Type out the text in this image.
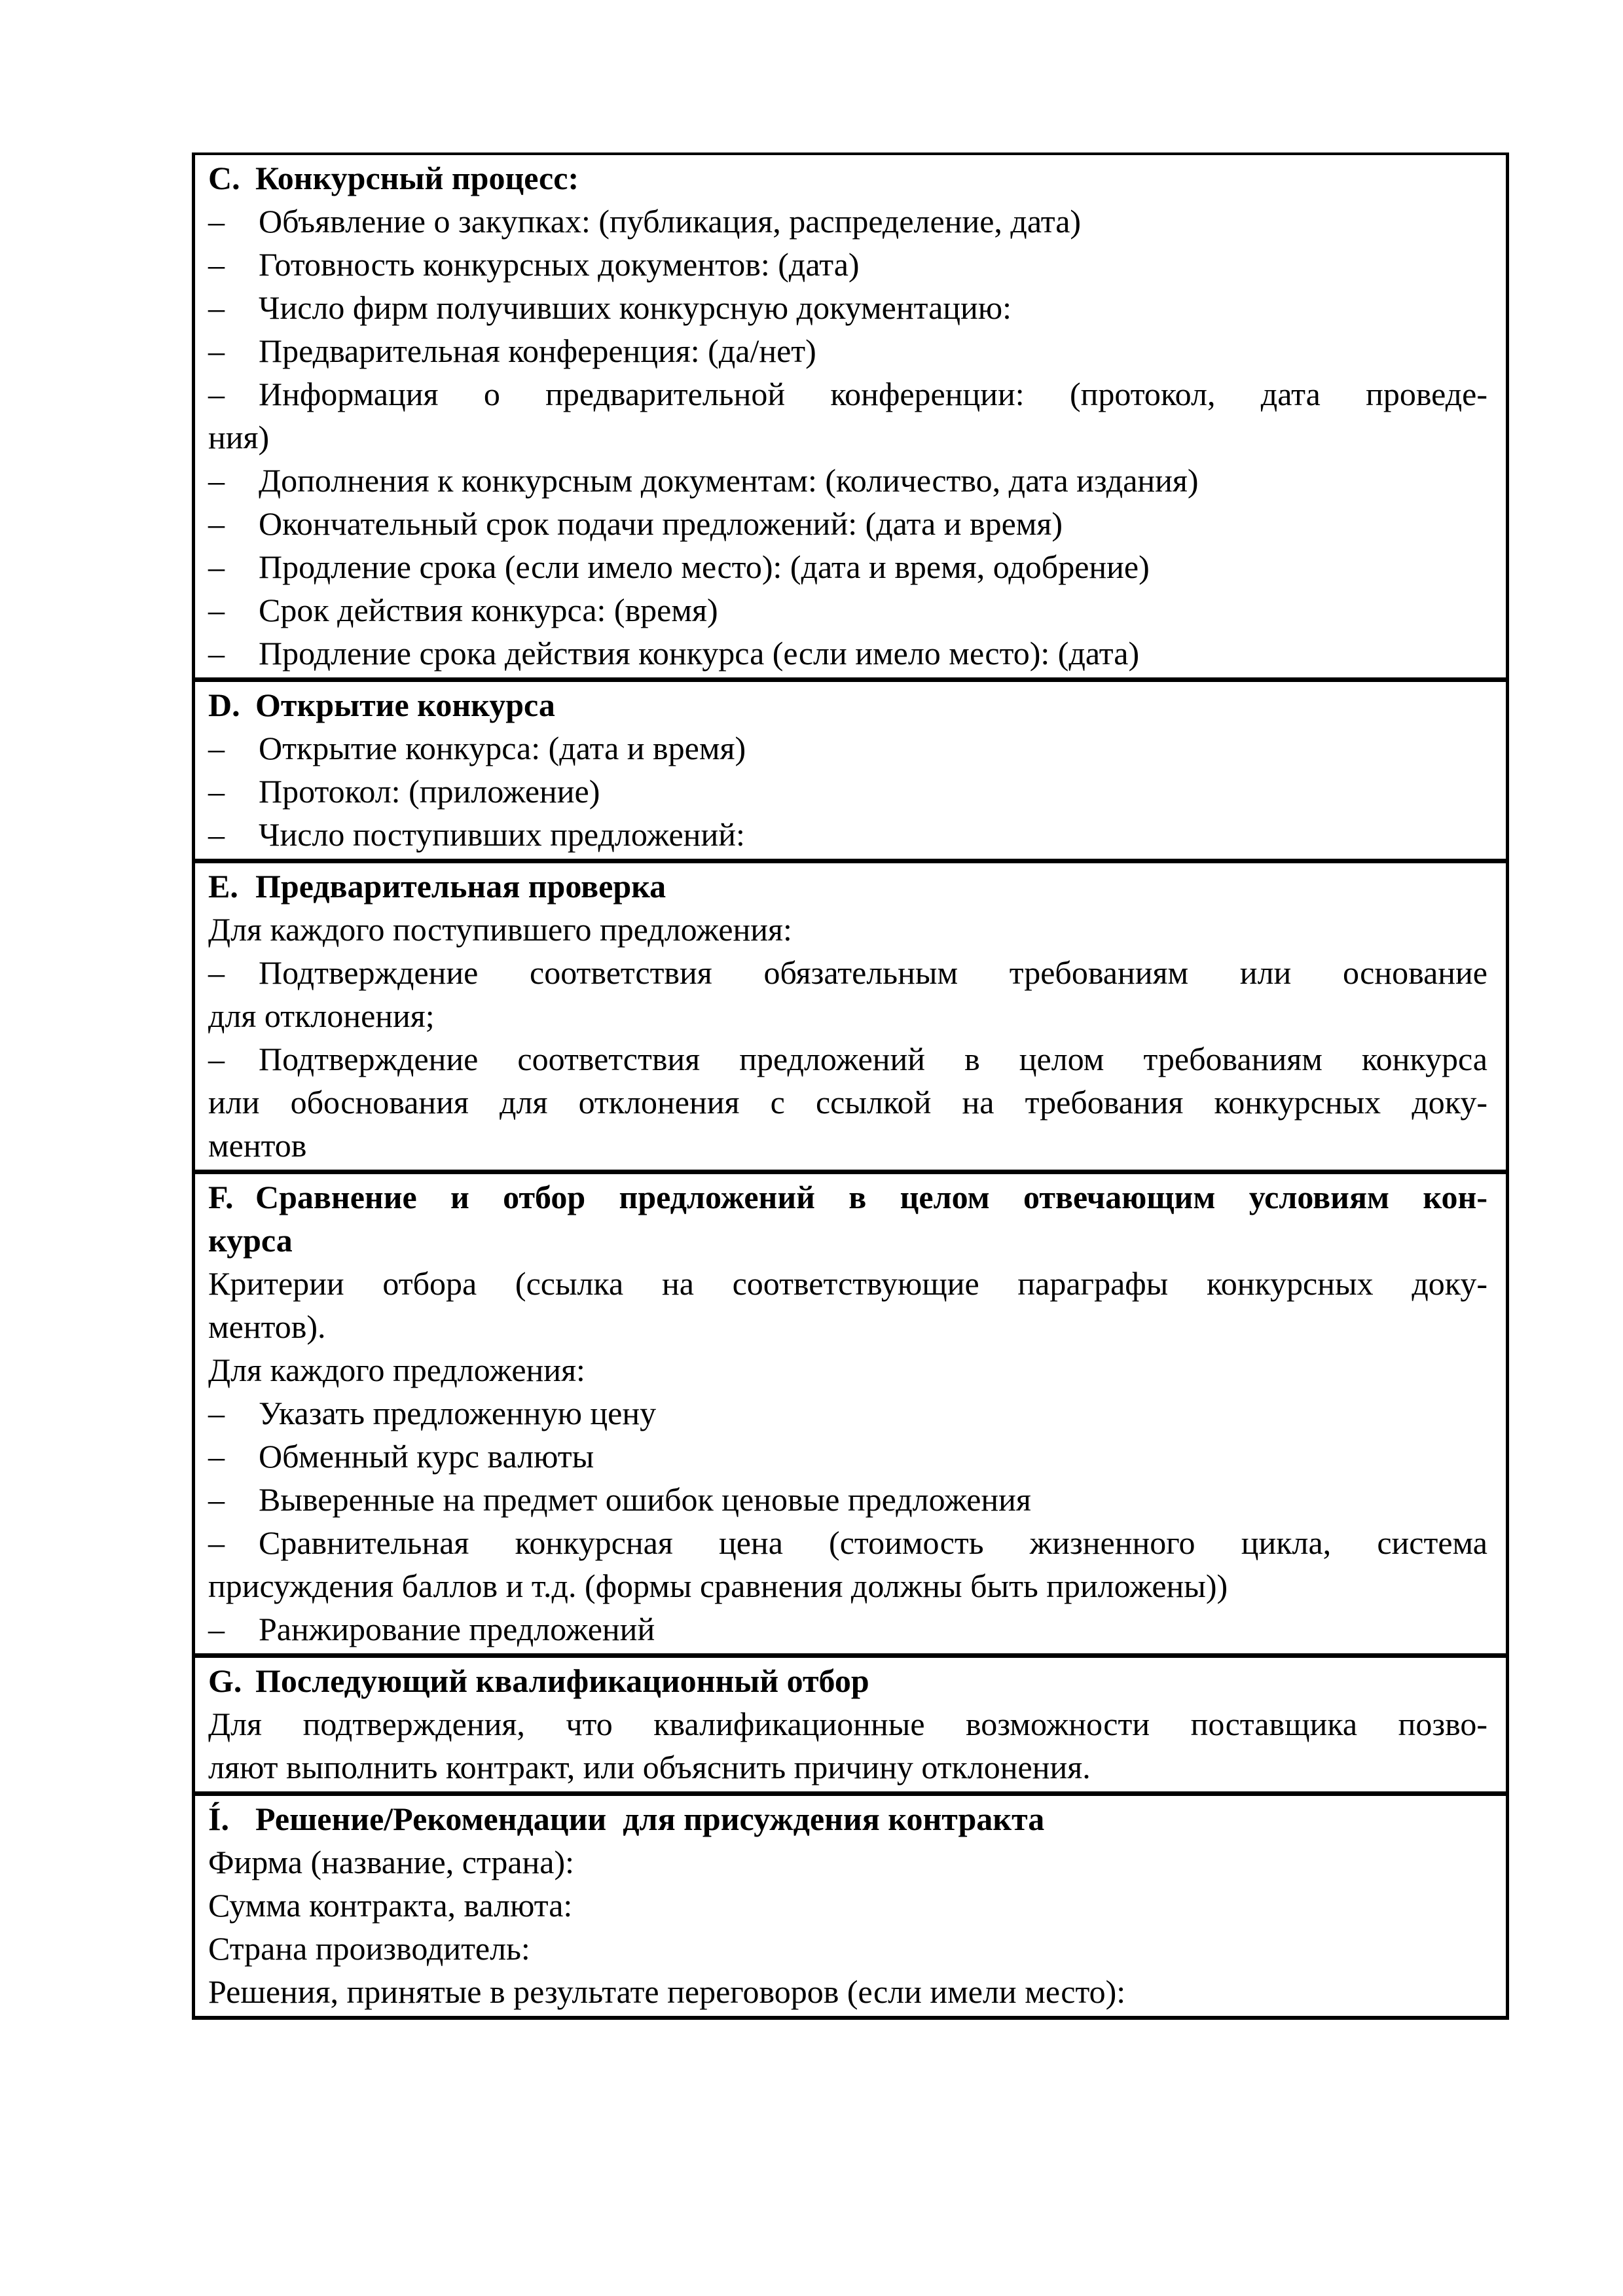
C. Конкурсный процесс:
– Объявление о закупках: (публикация, распределение, дата)
– Готовность конкурсных документов: (дата)
– Число фирм получивших конкурсную документацию:
– Предварительная конференция: (да/нет)
– Информация о предварительной конференции: (протокол, дата проведе-
ния)
– Дополнения к конкурсным документам: (количество, дата издания)
– Окончательный срок подачи предложений: (дата и время)
– Продление срока (если имело место): (дата и время, одобрение)
– Срок действия конкурса: (время)
– Продление срока действия конкурса (если имело место): (дата)
D. Открытие конкурса
– Открытие конкурса: (дата и время)
– Протокол: (приложение)
– Число поступивших предложений:
E. Предварительная проверка
Для каждого поступившего предложения:
– Подтверждение соответствия обязательным требованиям или основание
для отклонения;
– Подтверждение соответствия предложений в целом требованиям конкурса
или обоснования для отклонения с ссылкой на требования конкурсных доку-
ментов
F. Сравнение и отбор предложений в целом отвечающим условиям кон-
курса
Критерии отбора (ссылка на соответствующие параграфы конкурсных доку-
ментов).
Для каждого предложения:
– Указать предложенную цену
– Обменный курс валюты
– Выверенные на предмет ошибок ценовые предложения
– Сравнительная конкурсная цена (стоимость жизненного цикла, система
присуждения баллов и т.д. (формы сравнения должны быть приложены))
– Ранжирование предложений
G. Последующий квалификационный отбор
Для подтверждения, что квалификационные возможности поставщика позво-
ляют выполнить контракт, или объяснить причину отклонения.
Í. Решение/Рекомендации  для присуждения контракта
Фирма (название, страна):
Сумма контракта, валюта:
Страна производитель:
Решения, принятые в результате переговоров (если имели место):
